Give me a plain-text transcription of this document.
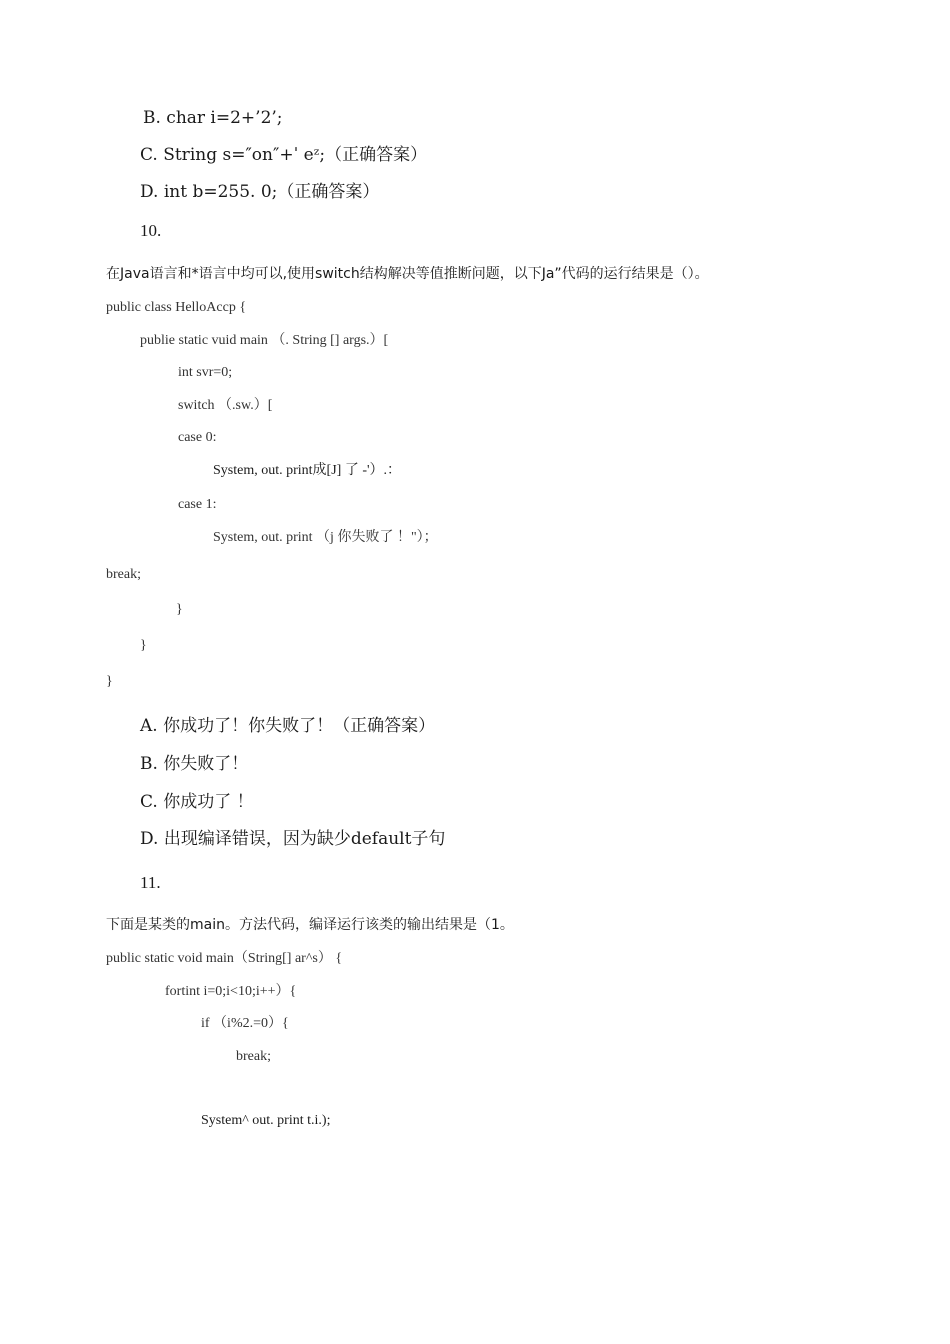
B. char i=2+’2’;
C. String s=″on″+ˈ eᶻ;（正确答案）
D. int b=255. 0;（正确答案）
10.
在Java语言和*语言中均可以,使用switch结构解决等值推断问题，以下Ja”代码的运行结果是（）。
public class HelloAccp {
publie static vuid main （. String [] args.）[
int svr=0;
switch （.sw.）[
case 0:
System, out. print成[J] 了 -'）.：
case 1:
System, out. print （j 你失败了 ！"）；
break;
}
}
}
A. 你成功了！你失败了！（正确答案）
B. 你失败了！
C. 你成功了 ！
D. 出现编译错误，因为缺少default子句
11.
下面是某类的main。方法代码，编译运行该类的输出结果是（1。
public static void main（String[] ar^s） {
fortint i=0;i<10;i++）{
if （i%2.=0）{
break;
System^ out. print t.i.);
